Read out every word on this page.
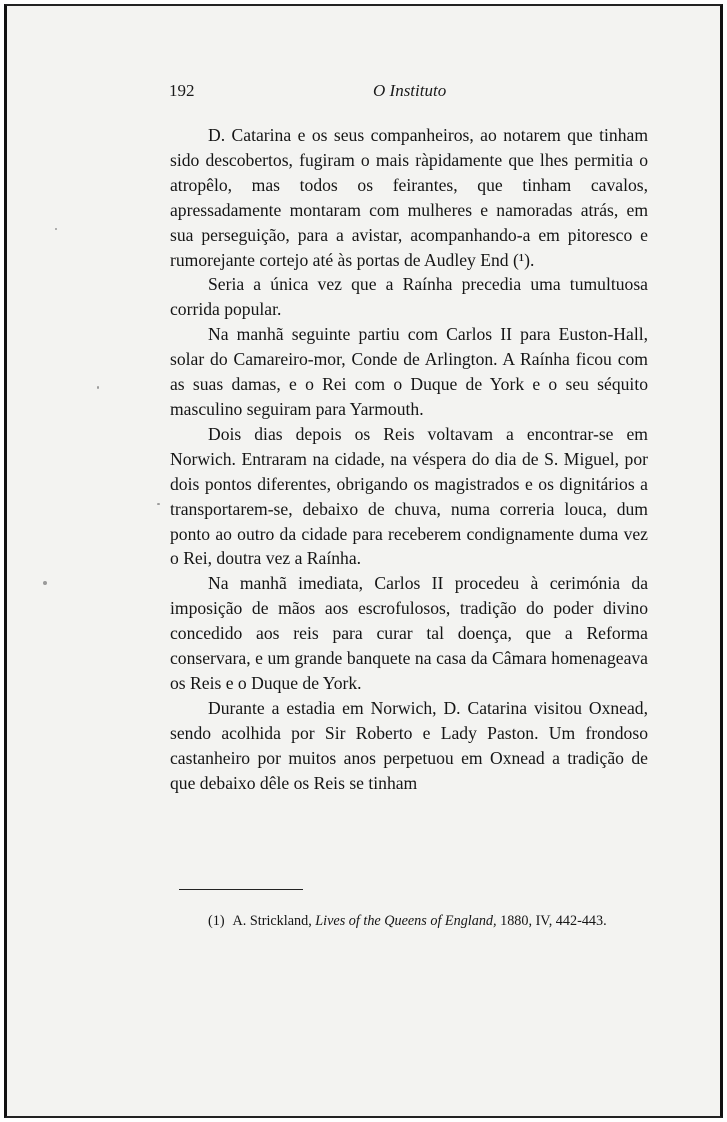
192	O Instituto

D. Catarina e os seus companheiros, ao notarem que tinham sido descobertos, fugiram o mais ràpidamente que lhes permitia o atropêlo, mas todos os feirantes, que tinham cavalos, apressadamente montaram com mulheres e namoradas atrás, em sua perseguição, para a avistar, acompanhando-a em pitoresco e rumorejante cortejo até às portas de Audley End (¹).

Seria a única vez que a Raínha precedia uma tumultuosa corrida popular.

Na manhã seguinte partiu com Carlos II para Euston-Hall, solar do Camareiro-mor, Conde de Arlington. A Raínha ficou com as suas damas, e o Rei com o Duque de York e o seu séquito masculino seguiram para Yarmouth.

Dois dias depois os Reis voltavam a encontrar-se em Norwich. Entraram na cidade, na véspera do dia de S. Miguel, por dois pontos diferentes, obrigando os magistrados e os dignitários a transportarem-se, debaixo de chuva, numa correria louca, dum ponto ao outro da cidade para receberem condignamente duma vez o Rei, doutra vez a Raínha.

Na manhã imediata, Carlos II procedeu à cerimónia da imposição de mãos aos escrofulosos, tradição do poder divino concedido aos reis para curar tal doença, que a Reforma conservara, e um grande banquete na casa da Câmara homenageava os Reis e o Duque de York.

Durante a estadia em Norwich, D. Catarina visitou Oxnead, sendo acolhida por Sir Roberto e Lady Paston. Um frondoso castanheiro por muitos anos perpetuou em Oxnead a tradição de que debaixo dêle os Reis se tinham

(1) A. Strickland, Lives of the Queens of England, 1880, IV, 442-443.
